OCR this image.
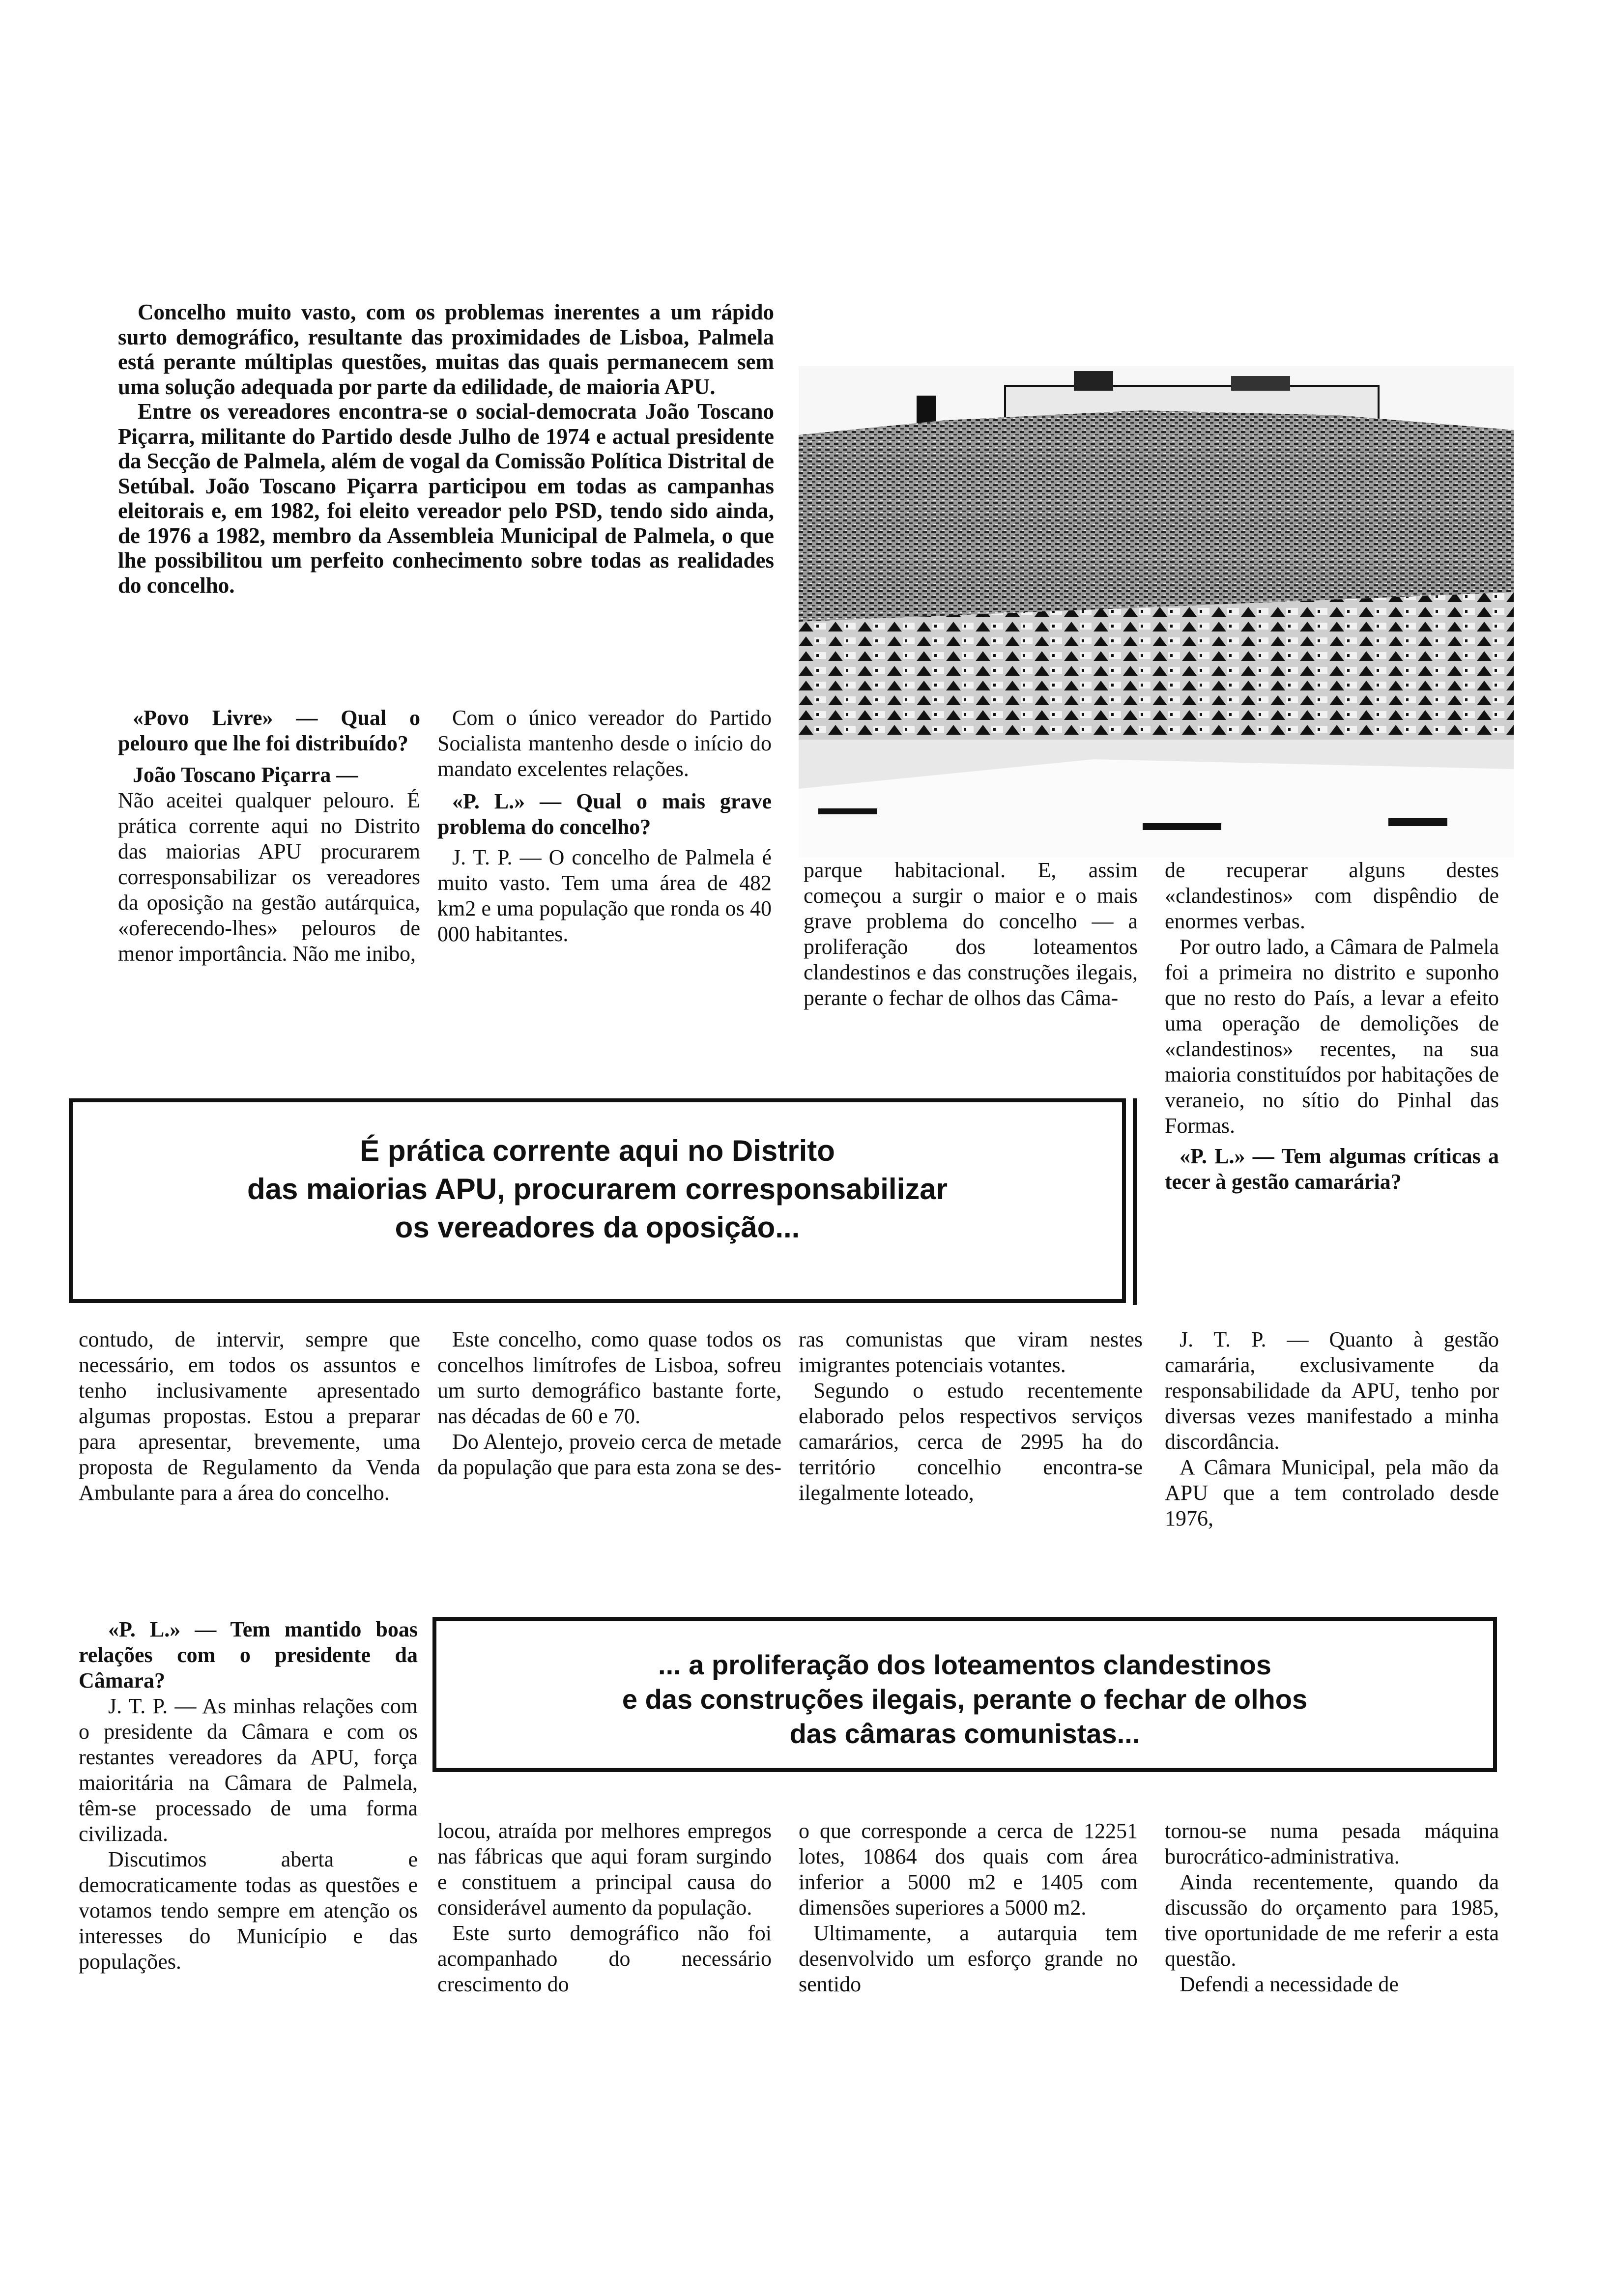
Concelho muito vasto, com os problemas inerentes a um rápido surto demográfico, resultante das proximidades de Lisboa, Palmela está perante múltiplas questões, muitas das quais permanecem sem uma solução adequada por parte da edilidade, de maioria APU.

Entre os vereadores encontra-se o social-democrata João Toscano Piçarra, militante do Partido desde Julho de 1974 e actual presidente da Secção de Palmela, além de vogal da Comissão Política Distrital de Setúbal. João Toscano Piçarra participou em todas as campanhas eleitorais e, em 1982, foi eleito vereador pelo PSD, tendo sido ainda, de 1976 a 1982, membro da Assembleia Municipal de Palmela, o que lhe possibilitou um perfeito conhecimento sobre todas as realidades do concelho.

«Povo Livre» — Qual o pelouro que lhe foi distribuído?

João Toscano Piçarra —

Não aceitei qualquer pelouro. É prática corrente aqui no Distrito das maiorias APU procurarem corresponsabilizar os vereadores da oposição na gestão autárquica, «oferecendo-lhes» pelouros de menor importância. Não me inibo,

Com o único vereador do Partido Socialista mantenho desde o início do mandato excelentes relações.

«P. L.» — Qual o mais grave problema do concelho?

J. T. P. — O concelho de Palmela é muito vasto. Tem uma área de 482 km2 e uma população que ronda os 40 000 habitantes.

parque habitacional. E, assim começou a surgir o maior e o mais grave problema do concelho — a proliferação dos loteamentos clandestinos e das construções ilegais, perante o fechar de olhos das Câma-

de recuperar alguns destes «clandestinos» com dispêndio de enormes verbas.

Por outro lado, a Câmara de Palmela foi a primeira no distrito e suponho que no resto do País, a levar a efeito uma operação de demolições de «clandestinos» recentes, na sua maioria constituídos por habitações de veraneio, no sítio do Pinhal das Formas.

«P. L.» — Tem algumas críticas a tecer à gestão camarária?

É prática corrente aqui no Distrito
das maiorias APU, procurarem corresponsabilizar
os vereadores da oposição...

contudo, de intervir, sempre que necessário, em todos os assuntos e tenho inclusivamente apresentado algumas propostas. Estou a preparar para apresentar, brevemente, uma proposta de Regulamento da Venda Ambulante para a área do concelho.

Este concelho, como quase todos os concelhos limítrofes de Lisboa, sofreu um surto demográfico bastante forte, nas décadas de 60 e 70.

Do Alentejo, proveio cerca de metade da população que para esta zona se des-

ras comunistas que viram nestes imigrantes potenciais votantes.

Segundo o estudo recentemente elaborado pelos respectivos serviços camarários, cerca de 2995 ha do território concelhio encontra-se ilegalmente loteado,

J. T. P. — Quanto à gestão camarária, exclusivamente da responsabilidade da APU, tenho por diversas vezes manifestado a minha discordância.

A Câmara Municipal, pela mão da APU que a tem controlado desde 1976,

«P. L.» — Tem mantido boas relações com o presidente da Câmara?

J. T. P. — As minhas relações com o presidente da Câmara e com os restantes vereadores da APU, força maioritária na Câmara de Palmela, têm-se processado de uma forma civilizada.

Discutimos aberta e democraticamente todas as questões e votamos tendo sempre em atenção os interesses do Município e das populações.

... a proliferação dos loteamentos clandestinos
e das construções ilegais, perante o fechar de olhos
das câmaras comunistas...

locou, atraída por melhores empregos nas fábricas que aqui foram surgindo e constituem a principal causa do considerável aumento da população.

Este surto demográfico não foi acompanhado do necessário crescimento do

o que corresponde a cerca de 12251 lotes, 10864 dos quais com área inferior a 5000 m2 e 1405 com dimensões superiores a 5000 m2.

Ultimamente, a autarquia tem desenvolvido um esforço grande no sentido

tornou-se numa pesada máquina burocrático-administrativa.

Ainda recentemente, quando da discussão do orçamento para 1985, tive oportunidade de me referir a esta questão.

Defendi a necessidade de
